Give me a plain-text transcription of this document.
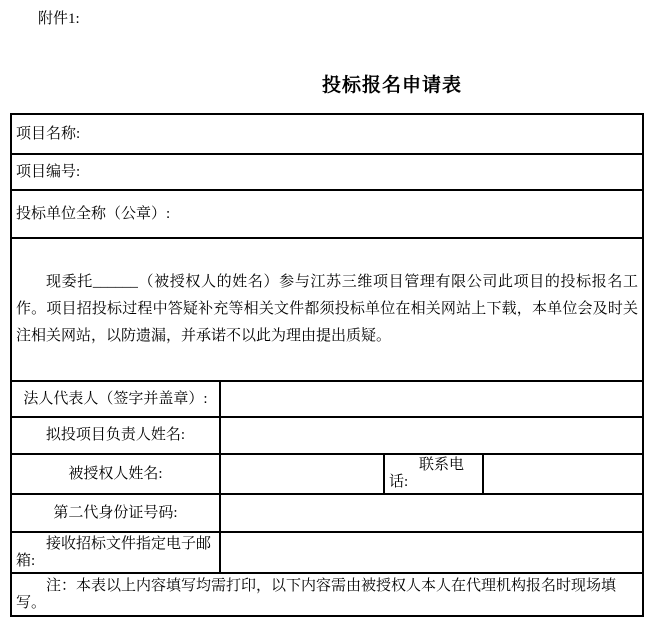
附件1:
投标报名申请表
项目名称:			
项目编号:			
投标单位全称（公章）:			
现委托______（被授权人的姓名）参与江苏三维项目管理有限公司此项目的投标报名工作。项目招投标过程中答疑补充等相关文件都须投标单位在相关网站上下载，本单位会及时关注相关网站，以防遗漏，并承诺不以此为理由提出质疑。			
法人代表人（签字并盖章）:			
拟投项目负责人姓名:			
被授权人姓名:		联系电话:	
第二代身份证号码:			
接收招标文件指定电子邮箱:			
注：本表以上内容填写均需打印，以下内容需由被授权人本人在代理机构报名时现场填写。			
